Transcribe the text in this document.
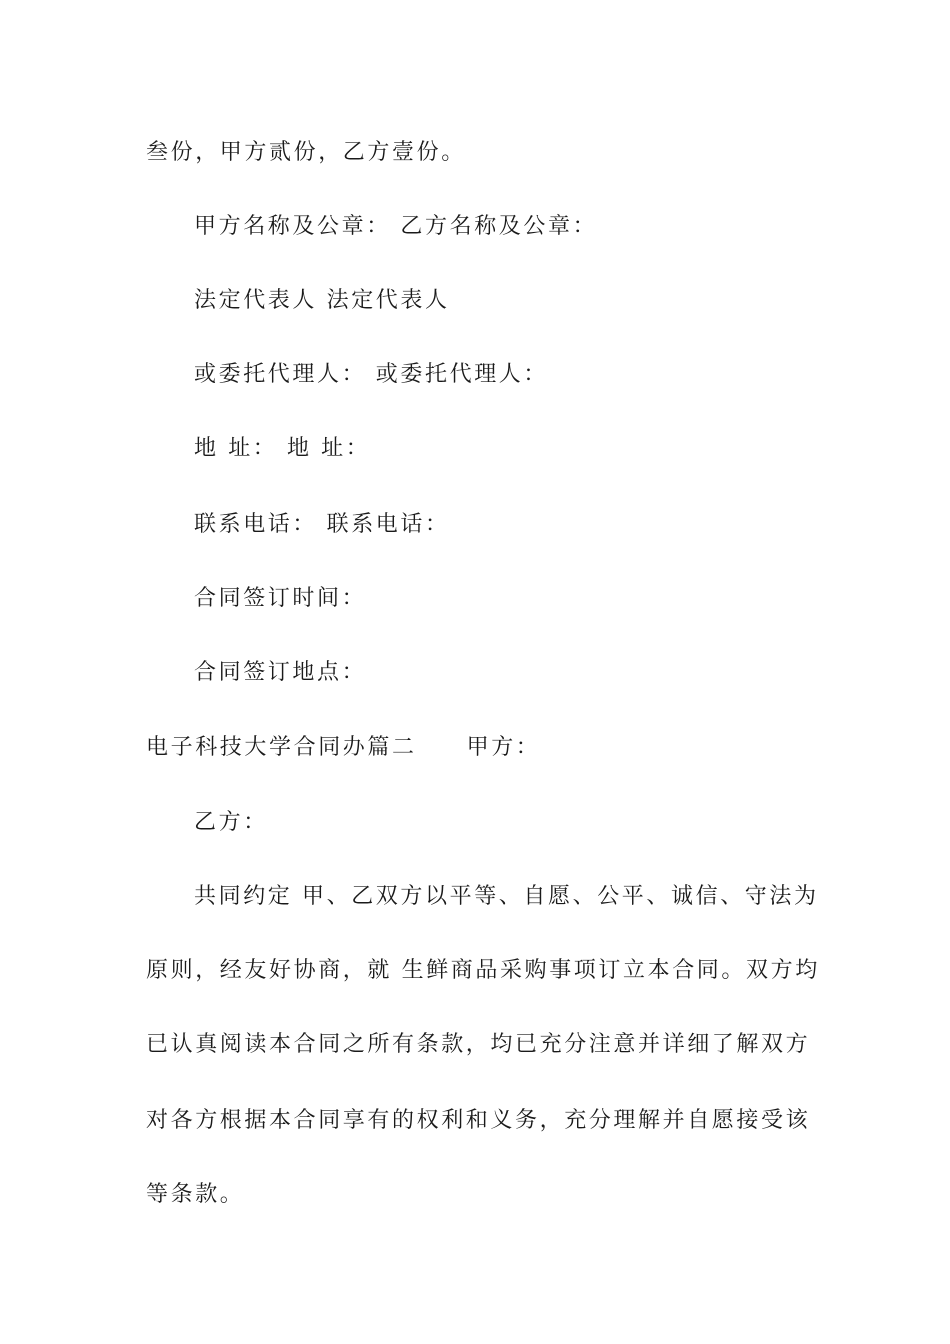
叁份，甲方贰份，乙方壹份。
甲方名称及公章： 乙方名称及公章：
法定代表人 法定代表人
或委托代理人： 或委托代理人：
地 址： 地 址：
联系电话： 联系电话：
合同签订时间：
合同签订地点：
电子科技大学合同办篇二 甲方：
乙方：
共同约定 甲、乙双方以平等、自愿、公平、诚信、守法为
原则，经友好协商，就 生鲜商品采购事项订立本合同。双方均
已认真阅读本合同之所有条款，均已充分注意并详细了解双方
对各方根据本合同享有的权利和义务，充分理解并自愿接受该
等条款。
